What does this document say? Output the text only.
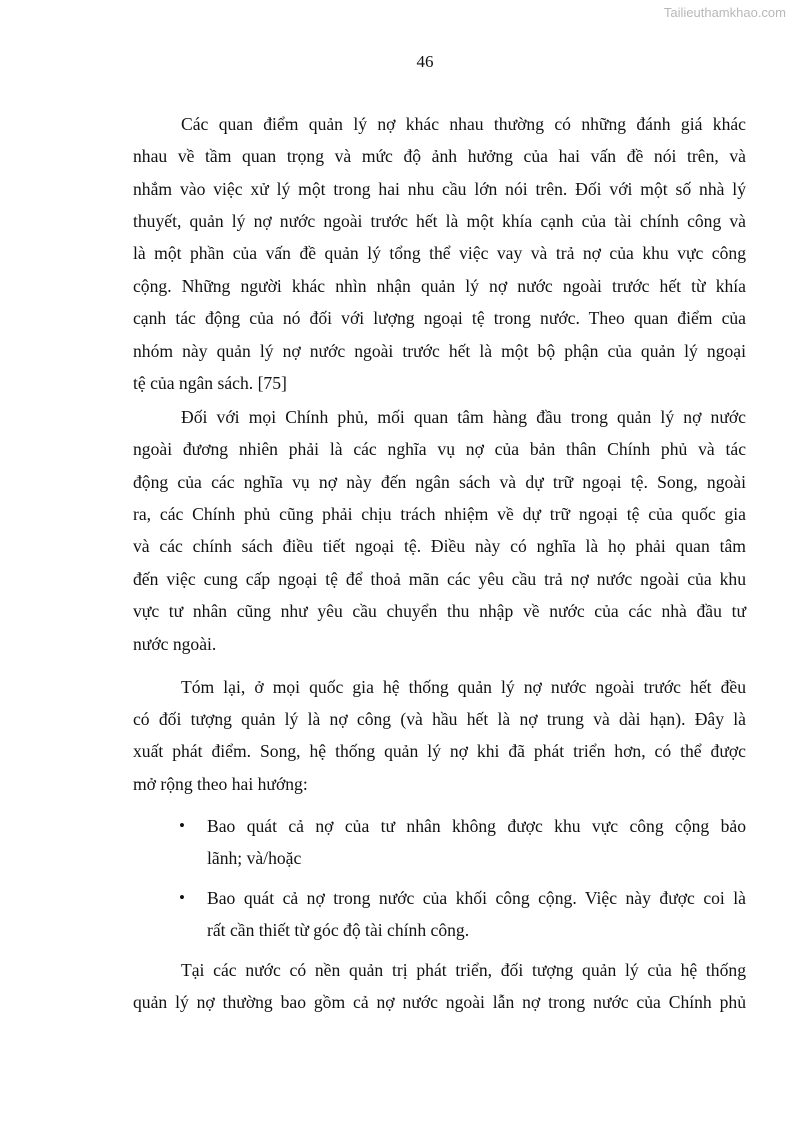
Tailieuthamkhao.com
46
Các quan điểm quản lý nợ khác nhau thường có những đánh giá khác
nhau về tầm quan trọng và mức độ ảnh hưởng của hai vấn đề nói trên, và
nhắm vào việc xử lý một trong hai nhu cầu lớn nói trên. Đối với một số nhà lý
thuyết, quản lý nợ nước ngoài trước hết là một khía cạnh của tài chính công và
là một phần của vấn đề quản lý tổng thể việc vay và trả nợ của khu vực công
cộng. Những người khác nhìn nhận quản lý nợ nước ngoài trước hết từ khía
cạnh tác động của nó đối với lượng ngoại tệ trong nước. Theo quan điểm của
nhóm này quản lý nợ nước ngoài trước hết là một bộ phận của quản lý ngoại
tệ của ngân sách. [75]
Đối với mọi Chính phủ, mối quan tâm hàng đầu trong quản lý nợ nước
ngoài đương nhiên phải là các nghĩa vụ nợ của bản thân Chính phủ và tác
động của các nghĩa vụ nợ này đến ngân sách và dự trữ ngoại tệ. Song, ngoài
ra, các Chính phủ cũng phải chịu trách nhiệm về dự trữ ngoại tệ của quốc gia
và các chính sách điều tiết ngoại tệ. Điều này có nghĩa là họ phải quan tâm
đến việc cung cấp ngoại tệ để thoả mãn các yêu cầu trả nợ nước ngoài của khu
vực tư nhân cũng như yêu cầu chuyển thu nhập về nước của các nhà đầu tư
nước ngoài.
Tóm lại, ở mọi quốc gia hệ thống quản lý nợ nước ngoài trước hết đều
có đối tượng quản lý là nợ công (và hầu hết là nợ trung và dài hạn). Đây là
xuất phát điểm. Song, hệ thống quản lý nợ khi đã phát triển hơn, có thể được
mở rộng theo hai hướng:
Bao quát cả nợ của tư nhân không được khu vực công cộng bảo
•
lãnh; và/hoặc
Bao quát cả nợ trong nước của khối công cộng. Việc này được coi là
•
rất cần thiết từ góc độ tài chính công.
Tại các nước có nền quản trị phát triển, đối tượng quản lý của hệ thống
quản lý nợ thường bao gồm cả nợ nước ngoài lẫn nợ trong nước của Chính phủ
